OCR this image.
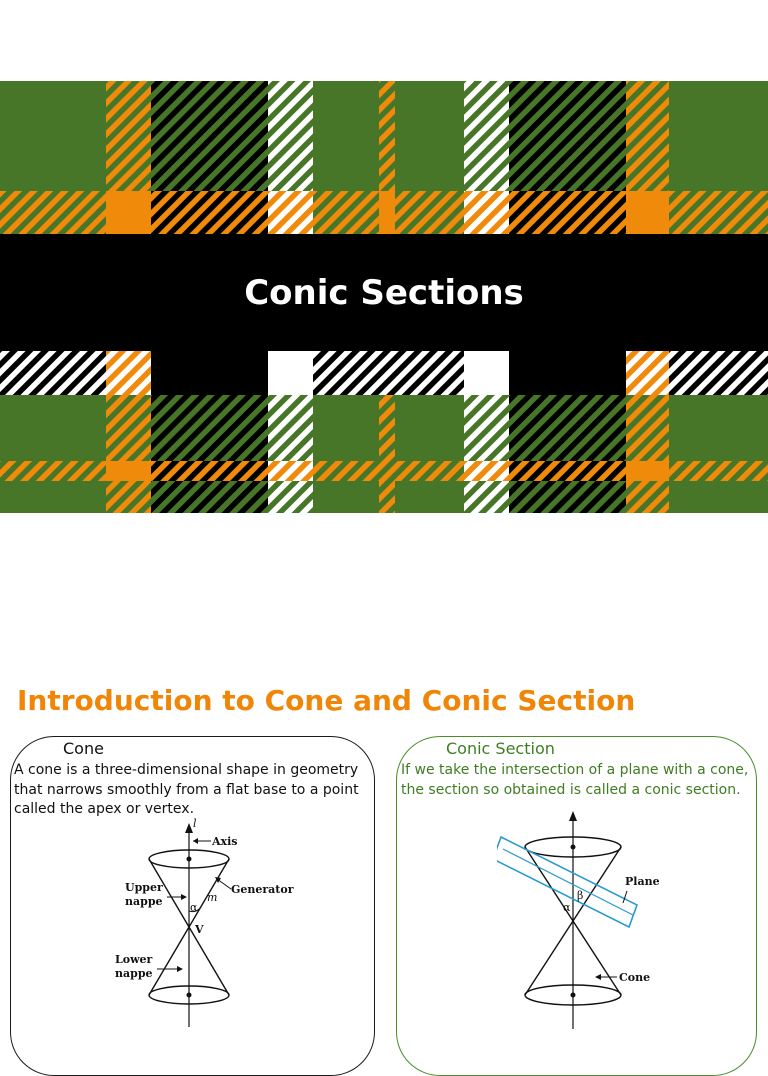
Conic Sections
Introduction to Cone and Conic Section
Cone
A cone is a three-dimensional shape in geometry that narrows smoothly from a flat base to a point called the apex or vertex.
Axis
l
Generator
m
Upper
nappe α
V
Lower
nappe
Conic Section
If we take the intersection of a plane with a cone, the section so obtained is called a conic section.
Plane
β
α
Cone
